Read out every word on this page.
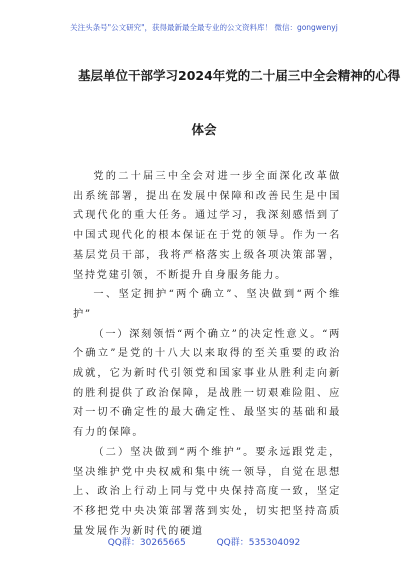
关注头条号"公文研究"，获得最新最全最专业的公文资料库！ 微信：gongwenyj
基层单位干部学习2024年党的二十届三中全会精神的心得
体会

党的二十届三中全会对进一步全面深化改革做出系统部署，提出在发展中保障和改善民生是中国式现代化的重大任务。通过学习，我深刻感悟到了中国式现代化的根本保证在于党的领导。作为一名基层党员干部，我将严格落实上级各项决策部署，坚持党建引领，不断提升自身服务能力。

一、坚定拥护“两个确立”、坚决做到“两个维护”

（一）深刻领悟“两个确立”的决定性意义。“两个确立”是党的十八大以来取得的至关重要的政治成就，它为新时代引领党和国家事业从胜利走向新的胜利提供了政治保障，是战胜一切艰难险阻、应对一切不确定性的最大确定性、最坚实的基础和最有力的保障。

（二）坚决做到“两个维护”。要永远跟党走，坚决维护党中央权威和集中统一领导，自觉在思想上、政治上行动上同与党中央保持高度一致，坚定不移把党中央决策部署落到实处，切实把坚持高质量发展作为新时代的硬道

QQ群：30265665	QQ群：535304092
